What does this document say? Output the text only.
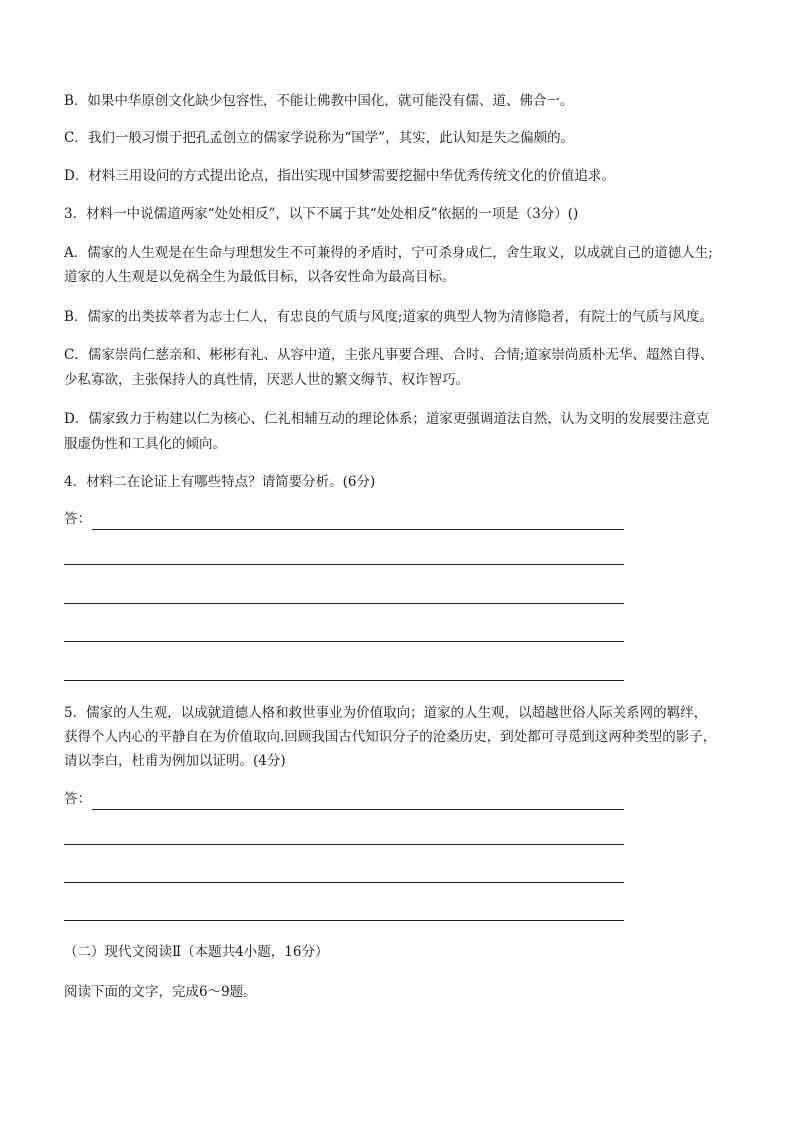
B．如果中华原创文化缺少包容性，不能让佛教中国化，就可能没有儒、道、佛合一。
C．我们一般习惯于把孔孟创立的儒家学说称为“国学”，其实，此认知是失之偏颇的。
D．材料三用设问的方式提出论点，指出实现中国梦需要挖掘中华优秀传统文化的价值追求。
3．材料一中说儒道两家“处处相反”，以下不属于其“处处相反”依据的一项是（3分）()
A．儒家的人生观是在生命与理想发生不可兼得的矛盾时，宁可杀身成仁，舍生取义，以成就自己的道德人生;
道家的人生观是以免祸全生为最低目标，以各安性命为最高目标。
B．儒家的出类拔萃者为志士仁人，有忠良的气质与风度;道家的典型人物为清修隐者，有院士的气质与风度。
C．儒家崇尚仁慈亲和、彬彬有礼、从容中道，主张凡事要合理、合时、合情;道家崇尚质朴无华、超然自得、
少私寡欲，主张保持人的真性情，厌恶人世的繁文缛节、权诈智巧。
D．儒家致力于构建以仁为核心、仁礼相辅互动的理论体系；道家更强调道法自然，认为文明的发展要注意克
服虚伪性和工具化的倾向。
4．材料二在论证上有哪些特点？请简要分析。(6分)
答：
5．儒家的人生观，以成就道德人格和救世事业为价值取向；道家的人生观，以超越世俗人际关系网的羁绊，
获得个人内心的平静自在为价值取向.回顾我国古代知识分子的沧桑历史，到处都可寻觅到这两种类型的影子，
请以李白，杜甫为例加以证明。(4分)
答：
（二）现代文阅读Ⅱ（本题共4小题，16分）
阅读下面的文字，完成6～9题。
